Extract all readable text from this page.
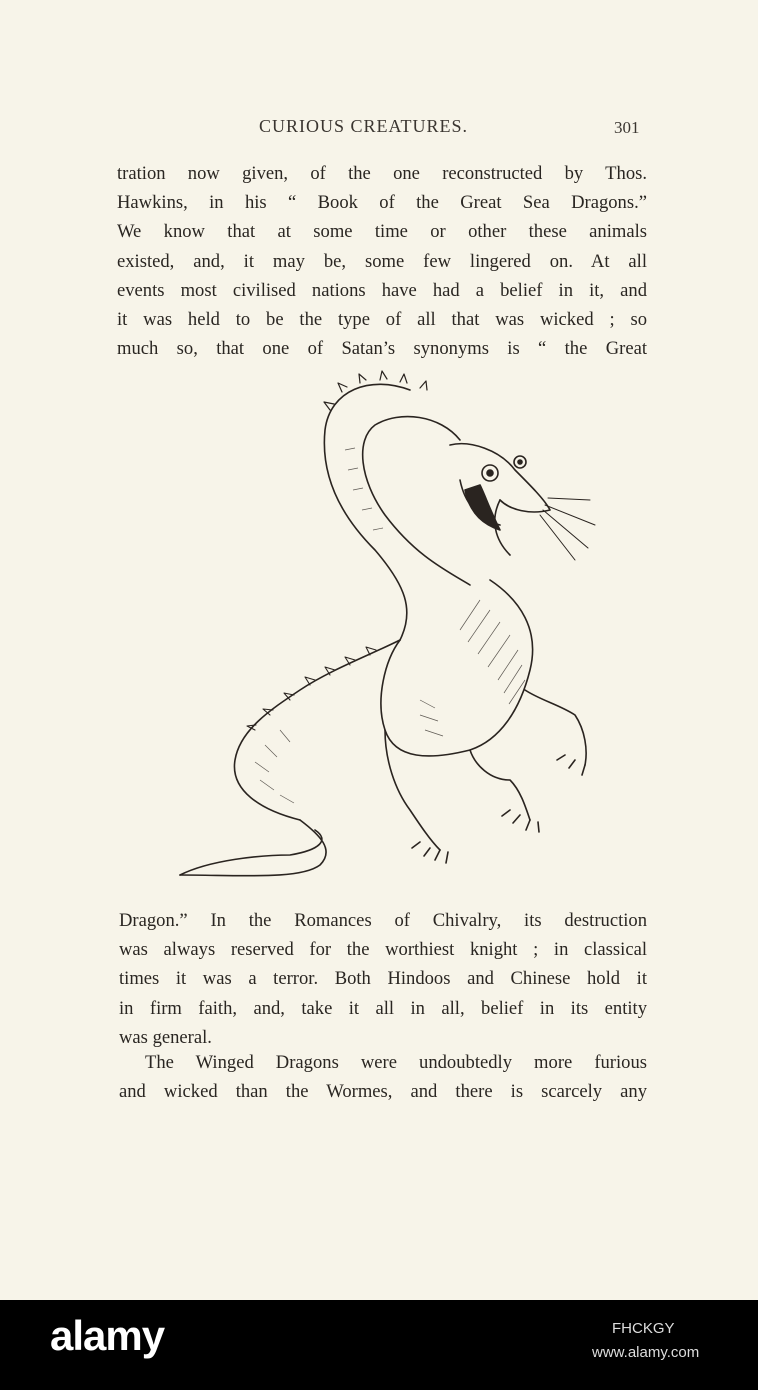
CURIOUS CREATURES.	301

tration now given, of the one reconstructed by Thos.
Hawkins, in his “ Book of the Great Sea Dragons.”
We know that at some time or other these animals
existed, and, it may be, some few lingered on. At all
events most civilised nations have had a belief in it, and
it was held to be the type of all that was wicked ; so
much so, that one of Satan’s synonyms is “ the Great

Dragon.” In the Romances of Chivalry, its destruction
was always reserved for the worthiest knight ; in classical
times it was a terror. Both Hindoos and Chinese hold it
in firm faith, and, take it all in all, belief in its entity
was general.

The Winged Dragons were undoubtedly more furious
and wicked than the Wormes, and there is scarcely any

alamy	FHCKGY
www.alamy.com
